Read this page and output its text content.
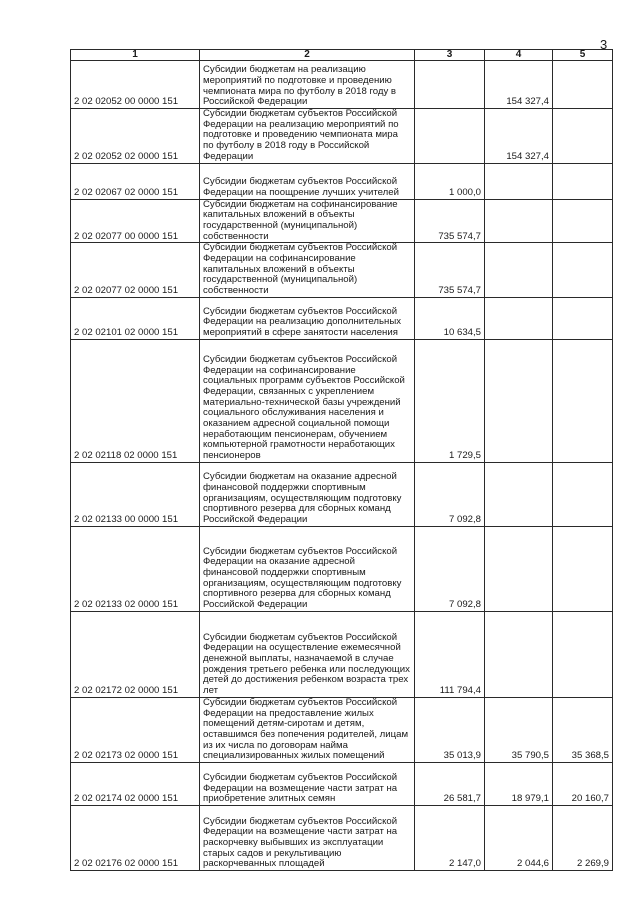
3
1	2	3	4	5
2 02 02052 00 0000 151	Субсидии бюджетам на реализацию мероприятий по подготовке и проведению чемпионата мира по футболу в 2018 году в Российской Федерации		154 327,4	
2 02 02052 02 0000 151	Субсидии бюджетам субъектов Российской Федерации на реализацию мероприятий по подготовке и проведению чемпионата мира по футболу в 2018 году в Российской Федерации		154 327,4	
2 02 02067 02 0000 151	Субсидии бюджетам субъектов Российской Федерации на поощрение лучших учителей	1 000,0		
2 02 02077 00 0000 151	Субсидии бюджетам на софинансирование капитальных вложений в объекты государственной (муниципальной) собственности	735 574,7		
2 02 02077 02 0000 151	Субсидии бюджетам субъектов Российской Федерации на софинансирование капитальных вложений в объекты государственной (муниципальной) собственности	735 574,7		
2 02 02101 02 0000 151	Субсидии бюджетам субъектов Российской Федерации на реализацию дополнительных мероприятий в сфере занятости населения	10 634,5		
2 02 02118 02 0000 151	Субсидии бюджетам субъектов Российской Федерации на софинансирование социальных программ субъектов Российской Федерации, связанных с укреплением материально-технической базы учреждений социального обслуживания населения и оказанием адресной социальной помощи неработающим пенсионерам, обучением компьютерной грамотности неработающих пенсионеров	1 729,5		
2 02 02133 00 0000 151	Субсидии бюджетам на оказание адресной финансовой поддержки спортивным организациям, осуществляющим подготовку спортивного резерва для сборных команд Российской Федерации	7 092,8		
2 02 02133 02 0000 151	Субсидии бюджетам субъектов Российской Федерации на оказание адресной финансовой поддержки спортивным организациям, осуществляющим подготовку спортивного резерва для сборных команд Российской Федерации	7 092,8		
2 02 02172 02 0000 151	Субсидии бюджетам субъектов Российской Федерации на осуществление ежемесячной денежной выплаты, назначаемой в случае рождения третьего ребенка или последующих детей до достижения ребенком возраста трех лет	111 794,4		
2 02 02173 02 0000 151	Субсидии бюджетам субъектов Российской Федерации на предоставление жилых помещений детям-сиротам и детям, оставшимся без попечения родителей, лицам из их числа по договорам найма специализированных жилых помещений	35 013,9	35 790,5	35 368,5
2 02 02174 02 0000 151	Субсидии бюджетам субъектов Российской Федерации на возмещение части затрат на приобретение элитных семян	26 581,7	18 979,1	20 160,7
2 02 02176 02 0000 151	Субсидии бюджетам субъектов Российской Федерации на возмещение части затрат на раскорчевку выбывших из эксплуатации старых садов и рекультивацию раскорчеванных площадей	2 147,0	2 044,6	2 269,9
